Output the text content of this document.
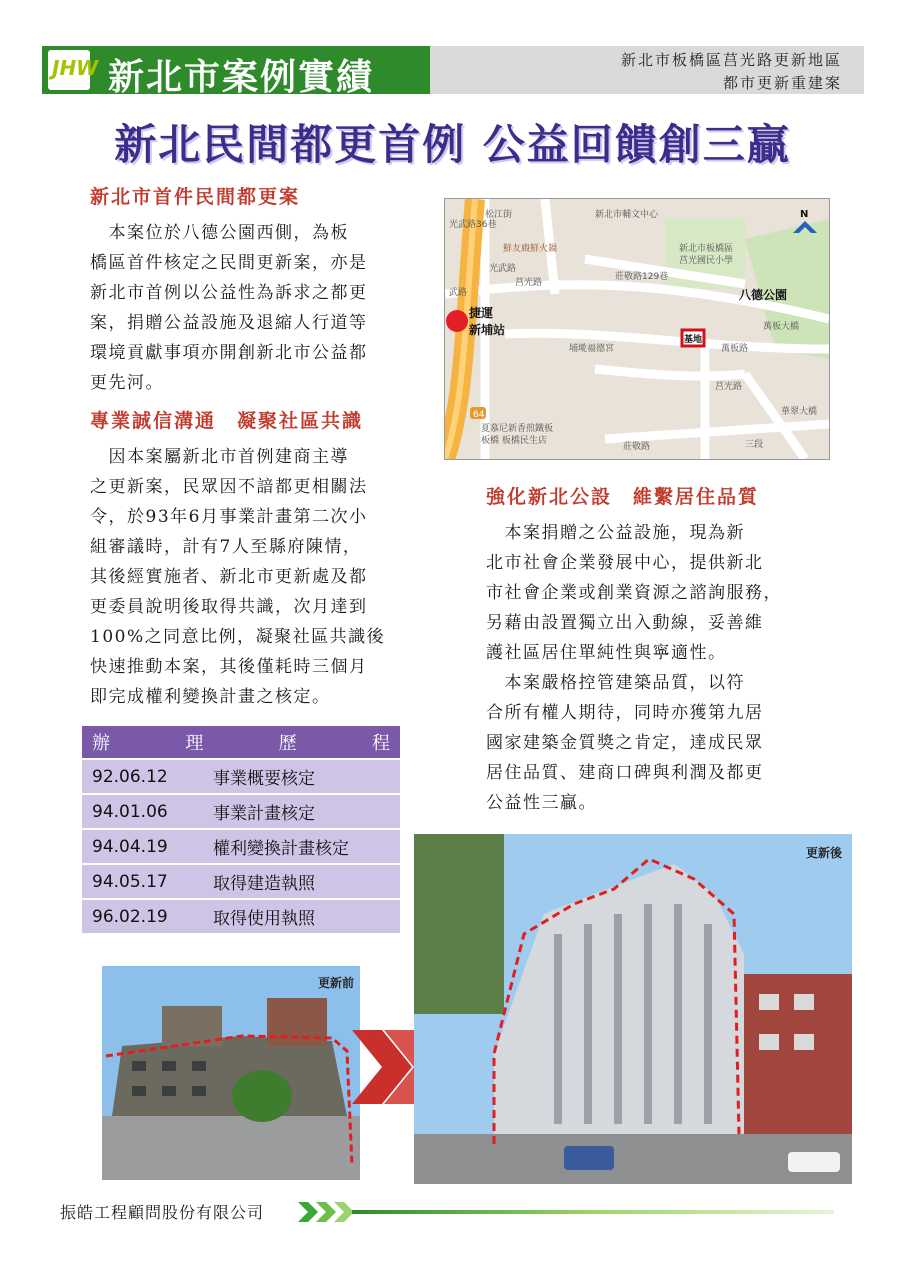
JHW 新北市案例實績	新北市板橋區莒光路更新地區
都市更新重建案
新北民間都更首例 公益回饋創三贏
新北市首件民間都更案
　本案位於八德公園西側，為板
橋區首件核定之民間更新案，亦是
新北市首例以公益性為訴求之都更
案，捐贈公益設施及退縮人行道等
環境貢獻事項亦開創新北市公益都
更先河。
專業誠信溝通　凝聚社區共識
　因本案屬新北市首例建商主導
之更新案，民眾因不諳都更相關法
令，於93年6月事業計畫第二次小
組審議時，計有7人至縣府陳情，
其後經實施者、新北市更新處及都
更委員說明後取得共識，次月達到
100%之同意比例，凝聚社區共識後
快速推動本案，其後僅耗時三個月
即完成權利變換計畫之核定。
64
基地
新北市輔文中心
新北市板橋區
莒光國民小學
鮮友廄鮮火鍋
莊敬路129巷
莒光路
埔墘福德宮	萬板路
萬板大橋
莊敬路
莒光路
華翠大橋
三段
光武路36巷
松江街
光武路
武路
夏慕尼新香煎鐵板
板橋 板橋民生店
八德公園
捷運
新埔站
N
強化新北公設　維繫居住品質
　本案捐贈之公益設施，現為新
北市社會企業發展中心，提供新北
市社會企業或創業資源之諮詢服務，
另藉由設置獨立出入動線，妥善維
護社區居住單純性與寧適性。
　本案嚴格控管建築品質，以符
合所有權人期待，同時亦獲第九居
國家建築金質獎之肯定，達成民眾
居住品質、建商口碑與利潤及都更
公益性三贏。
辦 理 歷 程	

92.06.12	事業概要核定
94.01.06	事業計畫核定
94.04.19	權利變換計畫核定
94.05.17	取得建造執照
96.02.19	取得使用執照
更新前
更新後
振皓工程顧問股份有限公司
